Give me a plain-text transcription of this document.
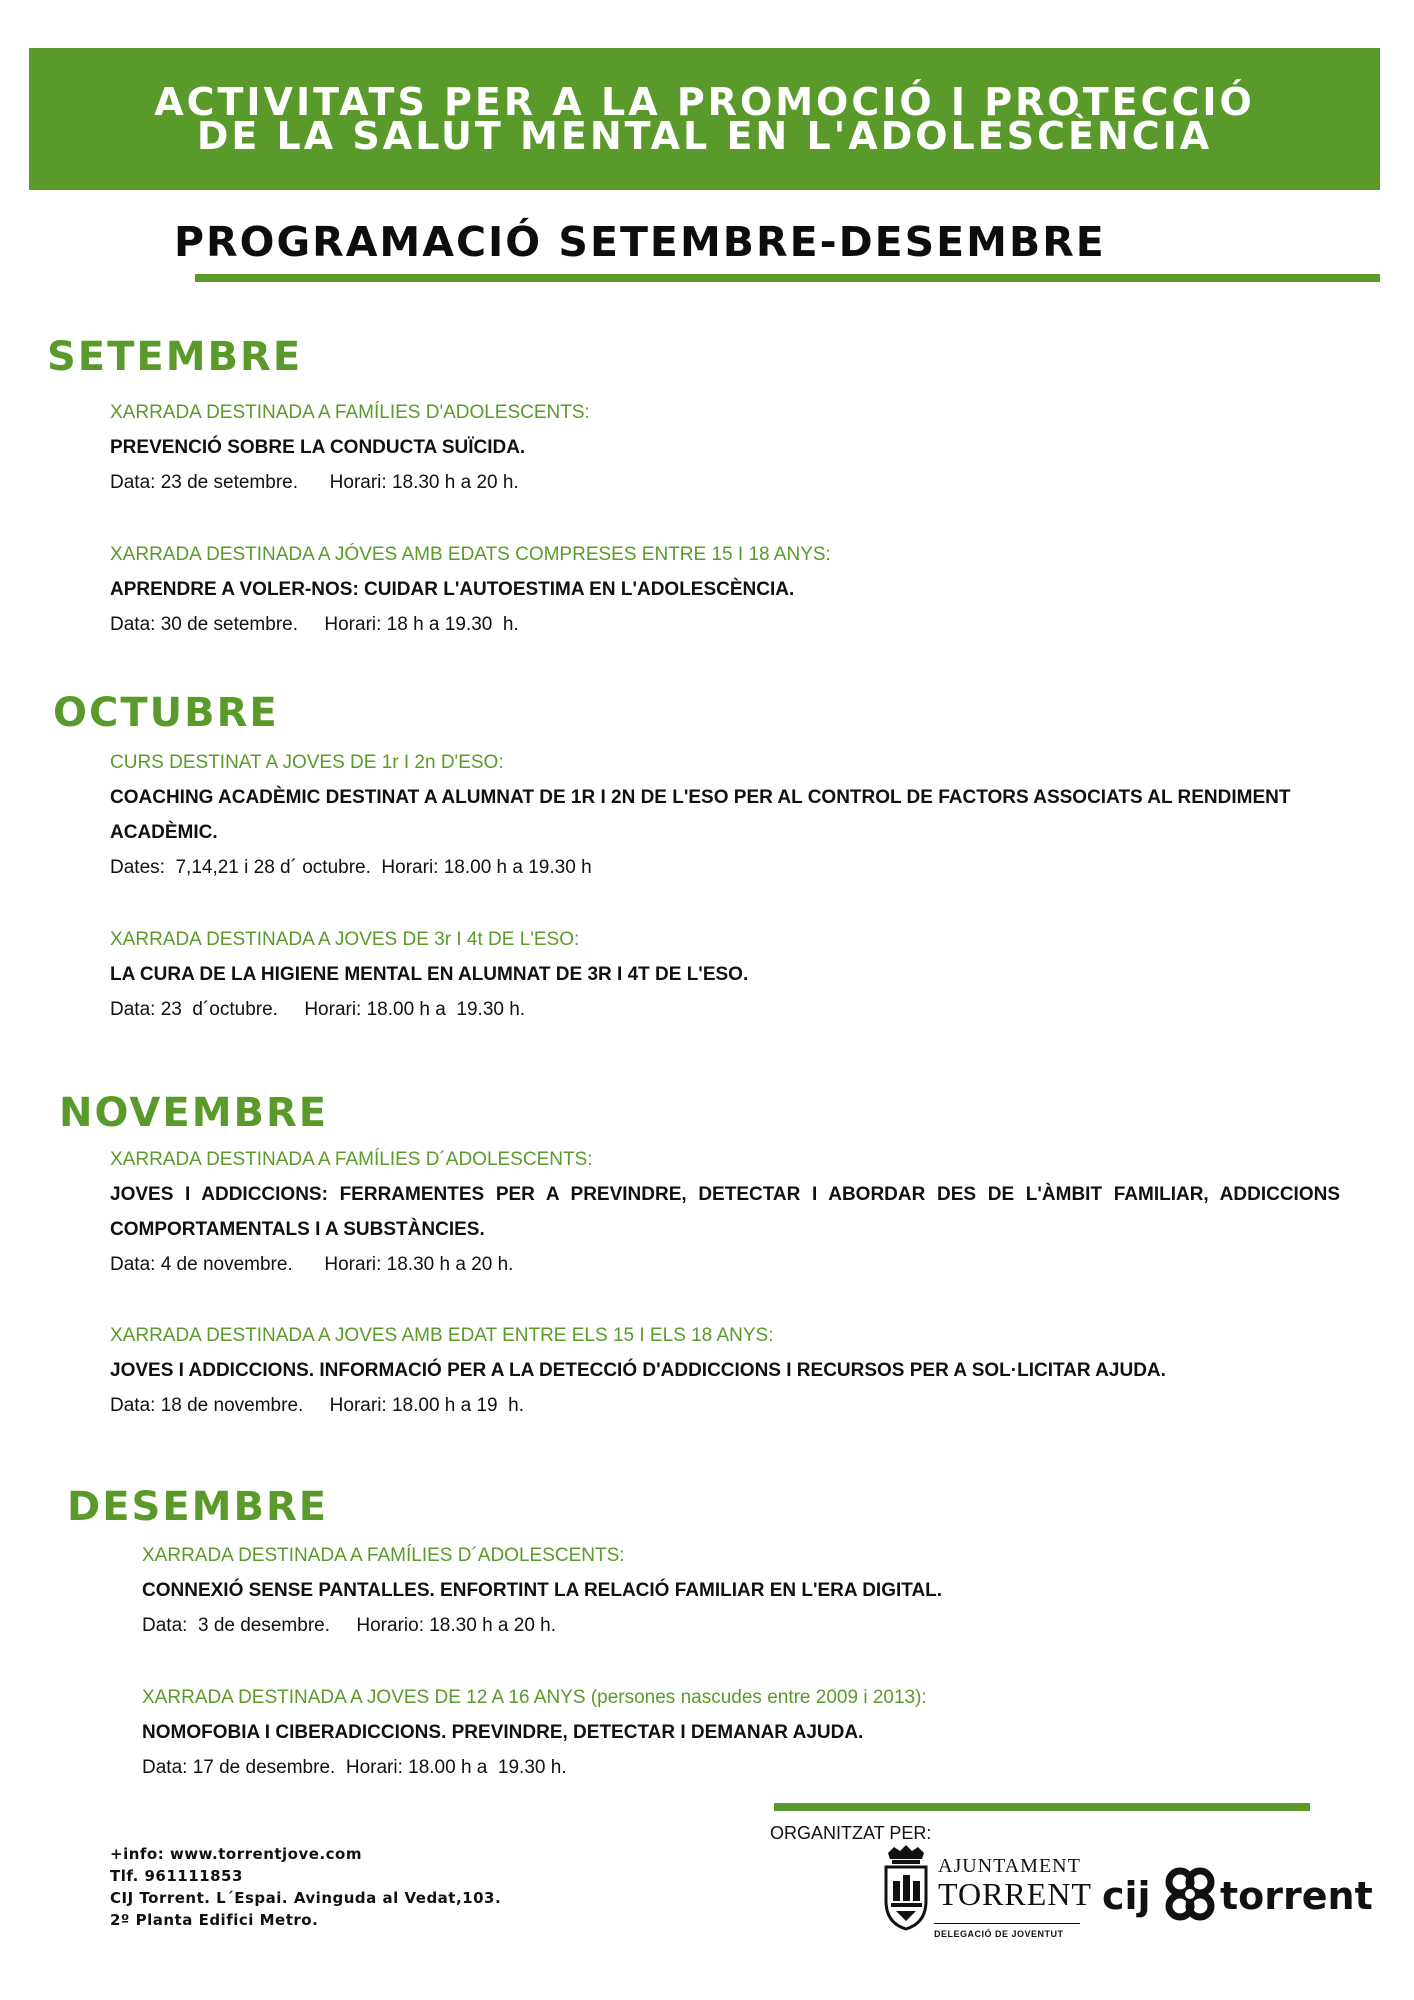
ACTIVITATS PER A LA PROMOCIÓ I PROTECCIÓ
DE LA SALUT MENTAL EN L'ADOLESCÈNCIA
PROGRAMACIÓ SETEMBRE-DESEMBRE
SETEMBRE
XARRADA DESTINADA A FAMÍLIES D'ADOLESCENTS:
PREVENCIÓ SOBRE LA CONDUCTA SUÏCIDA.
Data: 23 de setembre.      Horari: 18.30 h a 20 h.
XARRADA DESTINADA A JÓVES AMB EDATS COMPRESES ENTRE 15 I 18 ANYS:
APRENDRE A VOLER-NOS: CUIDAR L'AUTOESTIMA EN L'ADOLESCÈNCIA.
Data: 30 de setembre.     Horari: 18 h a 19.30  h.
OCTUBRE
CURS DESTINAT A JOVES DE 1r I 2n D'ESO:
COACHING ACADÈMIC DESTINAT A ALUMNAT DE 1R I 2N DE L'ESO PER AL CONTROL DE FACTORS ASSOCIATS AL RENDIMENT ACADÈMIC.
Dates:  7,14,21 i 28 d´ octubre.  Horari: 18.00 h a 19.30 h
XARRADA DESTINADA A JOVES DE 3r I 4t DE L'ESO:
LA CURA DE LA HIGIENE MENTAL EN ALUMNAT DE 3R I 4T DE L'ESO.
Data: 23  d´octubre.     Horari: 18.00 h a  19.30 h.
NOVEMBRE
XARRADA DESTINADA A FAMÍLIES D´ADOLESCENTS:
JOVES I ADDICCIONS: FERRAMENTES PER A PREVINDRE, DETECTAR I ABORDAR DES DE L'ÀMBIT FAMILIAR, ADDICCIONS COMPORTAMENTALS I A SUBSTÀNCIES.
Data: 4 de novembre.      Horari: 18.30 h a 20 h.
XARRADA DESTINADA A JOVES AMB EDAT ENTRE ELS 15 I ELS 18 ANYS:
JOVES I ADDICCIONS. INFORMACIÓ PER A LA DETECCIÓ D'ADDICCIONS I RECURSOS PER A SOL·LICITAR AJUDA.
Data: 18 de novembre.     Horari: 18.00 h a 19  h.
DESEMBRE
XARRADA DESTINADA A FAMÍLIES D´ADOLESCENTS:
CONNEXIÓ SENSE PANTALLES. ENFORTINT LA RELACIÓ FAMILIAR EN L'ERA DIGITAL.
Data:  3 de desembre.     Horario: 18.30 h a 20 h.
XARRADA DESTINADA A JOVES DE 12 A 16 ANYS (persones nascudes entre 2009 i 2013):
NOMOFOBIA I CIBERADICCIONS. PREVINDRE, DETECTAR I DEMANAR AJUDA.
Data: 17 de desembre.  Horari: 18.00 h a  19.30 h.
ORGANITZAT PER:
+info: www.torrentjove.com
Tlf. 961111853
CIJ Torrent. L´Espai. Avinguda al Vedat,103.
2º Planta Edifici Metro.
AJUNTAMENT
TORRENT
DELEGACIÓ DE JOVENTUT
cij torrent
